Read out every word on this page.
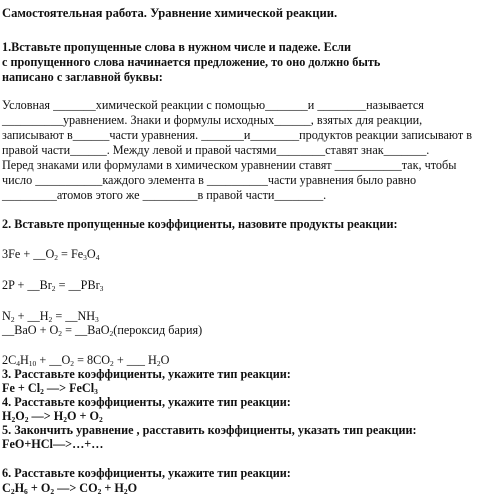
Самостоятельная работа. Уравнение химической реакции.
1.Вставьте пропущенные слова в нужном числе и падеже. Если
с пропущенного слова начинается предложение, то оно должно быть
написано с заглавной буквы:
Условная _______химической реакции с помощью_______и ________называется
__________уравнением. Знаки и формулы исходных______, взятых для реакции,
записывают в______части уравнения. _______и________продуктов реакции записывают в
правой части______. Между левой и правой частями________ставят знак_______.
Перед знаками или формулами в химическом уравнении ставят ___________так, чтобы
число ___________каждого элемента в __________части уравнения было равно
_________атомов этого же _________в правой части________.
2. Вставьте пропущенные коэффициенты, назовите продукты реакции:
$3Fe + \_\_O_2 = Fe_3O_4$
$2P + \_\_Br_2$ = __PBr$_3$
$N_2$ + $\_\_H_2$ = $\_\_NH_3$
__BaO + $O_2$ = __BaO$_2$(пероксид бария)
$2C_4H_{10}$ + $\_\_O_2 = 8CO_2$ + ___ $H_2O$
3. Расставьте коэффициенты, укажите тип реакции:
$Fe + Cl_2$ —> FeCl$_3$
4. Расставьте коэффициенты, укажите тип реакции:
$H_2O_2$ —> $H_2O + O_2$
5. Закончить уравнение , расставить коэффициенты, указать тип реакции:
FeO+HCl—>…+…
6. Расставьте коэффициенты, укажите тип реакции:
$C_2H_6 + O_2$ —> $CO_2 + H_2O$
